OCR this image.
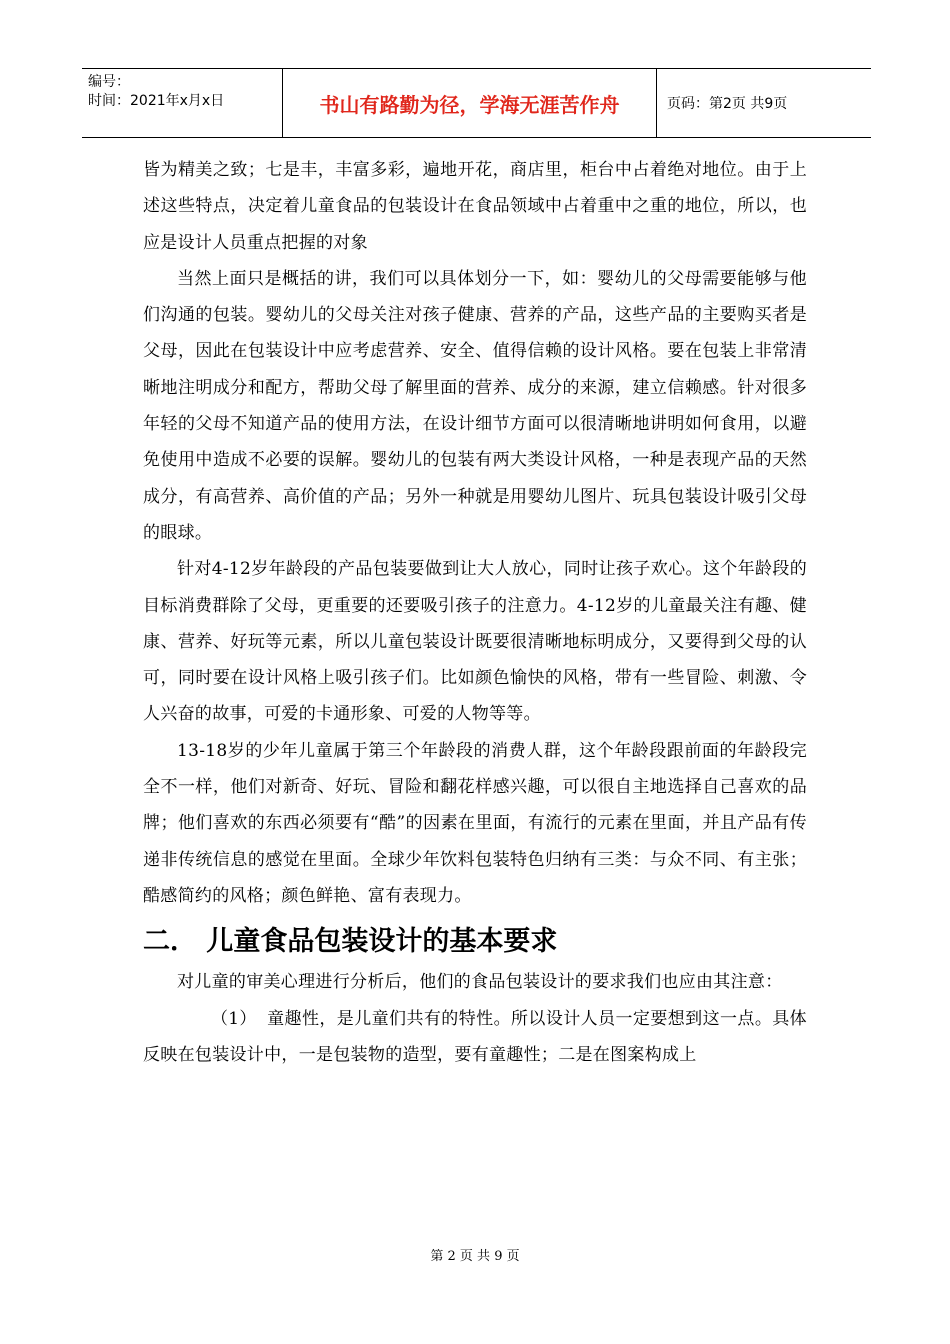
编号：
时间：2021年x月x日	书山有路勤为径，学海无涯苦作舟	页码：第2页 共9页

皆为精美之致；七是丰，丰富多彩，遍地开花，商店里，柜台中占着绝对地位。由于上述这些特点，决定着儿童食品的包装设计在食品领域中占着重中之重的地位，所以，也应是设计人员重点把握的对象

当然上面只是概括的讲，我们可以具体划分一下，如：婴幼儿的父母需要能够与他们沟通的包装。婴幼儿的父母关注对孩子健康、营养的产品，这些产品的主要购买者是父母，因此在包装设计中应考虑营养、安全、值得信赖的设计风格。要在包装上非常清晰地注明成分和配方，帮助父母了解里面的营养、成分的来源，建立信赖感。针对很多年轻的父母不知道产品的使用方法，在设计细节方面可以很清晰地讲明如何食用，以避免使用中造成不必要的误解。婴幼儿的包装有两大类设计风格，一种是表现产品的天然成分，有高营养、高价值的产品；另外一种就是用婴幼儿图片、玩具包装设计吸引父母的眼球。

针对4-12岁年龄段的产品包装要做到让大人放心，同时让孩子欢心。这个年龄段的目标消费群除了父母，更重要的还要吸引孩子的注意力。4-12岁的儿童最关注有趣、健康、营养、好玩等元素，所以儿童包装设计既要很清晰地标明成分，又要得到父母的认可，同时要在设计风格上吸引孩子们。比如颜色愉快的风格，带有一些冒险、刺激、令人兴奋的故事，可爱的卡通形象、可爱的人物等等。

13-18岁的少年儿童属于第三个年龄段的消费人群，这个年龄段跟前面的年龄段完全不一样，他们对新奇、好玩、冒险和翻花样感兴趣，可以很自主地选择自己喜欢的品牌；他们喜欢的东西必须要有“酷”的因素在里面，有流行的元素在里面，并且产品有传递非传统信息的感觉在里面。全球少年饮料包装特色归纳有三类：与众不同、有主张；酷感简约的风格；颜色鲜艳、富有表现力。

二． 儿童食品包装设计的基本要求

对儿童的审美心理进行分析后，他们的食品包装设计的要求我们也应由其注意：

（1） 童趣性，是儿童们共有的特性。所以设计人员一定要想到这一点。具体反映在包装设计中，一是包装物的造型，要有童趣性；二是在图案构成上

第 2 页 共 9 页
